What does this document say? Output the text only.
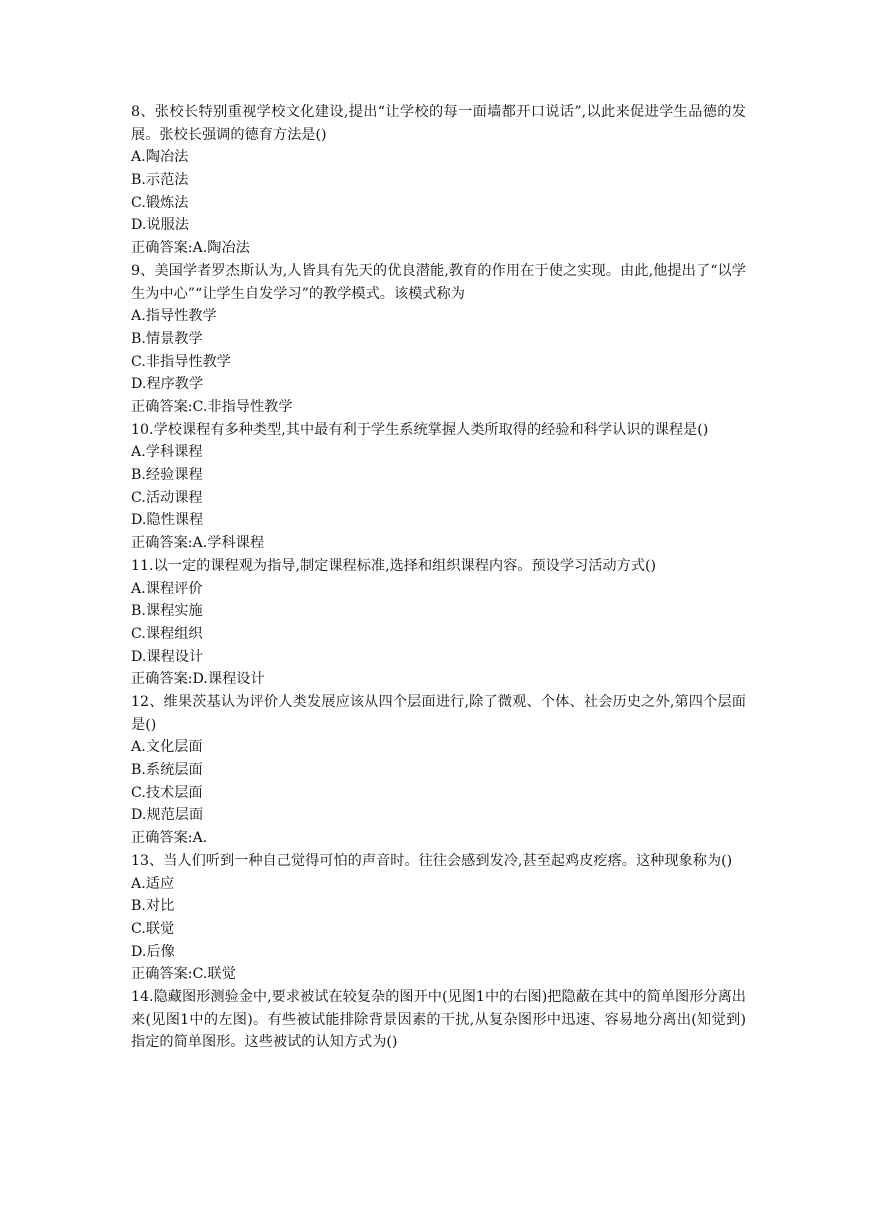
8、张校长特别重视学校文化建设,提出“让学校的每一面墙都开口说话”,以此来促进学生品德的发展。张校长强调的德育方法是()
A.陶冶法
B.示范法
C.锻炼法
D.说服法
正确答案:A.陶冶法
9、美国学者罗杰斯认为,人皆具有先天的优良潜能,教育的作用在于使之实现。由此,他提出了“以学生为中心”“让学生自发学习”的教学模式。该模式称为
A.指导性教学
B.情景教学
C.非指导性教学
D.程序教学
正确答案:C.非指导性教学
10.学校课程有多种类型,其中最有利于学生系统掌握人类所取得的经验和科学认识的课程是()
A.学科课程
B.经验课程
C.活动课程
D.隐性课程
正确答案:A.学科课程
11.以一定的课程观为指导,制定课程标准,选择和组织课程内容。预设学习活动方式()
A.课程评价
B.课程实施
C.课程组织
D.课程设计
正确答案:D.课程设计
12、维果茨基认为评价人类发展应该从四个层面进行,除了微观、个体、社会历史之外,第四个层面是()
A.文化层面
B.系统层面
C.技术层面
D.规范层面
正确答案:A.
13、当人们听到一种自己觉得可怕的声音时。往往会感到发冷,甚至起鸡皮疙瘩。这种现象称为()
A.适应
B.对比
C.联觉
D.后像
正确答案:C.联觉
14.隐藏图形测验金中,要求被试在较复杂的图开中(见图1中的右图)把隐蔽在其中的简单图形分离出来(见图1中的左图)。有些被试能排除背景因素的干扰,从复杂图形中迅速、容易地分离出(知觉到)指定的简单图形。这些被试的认知方式为()
